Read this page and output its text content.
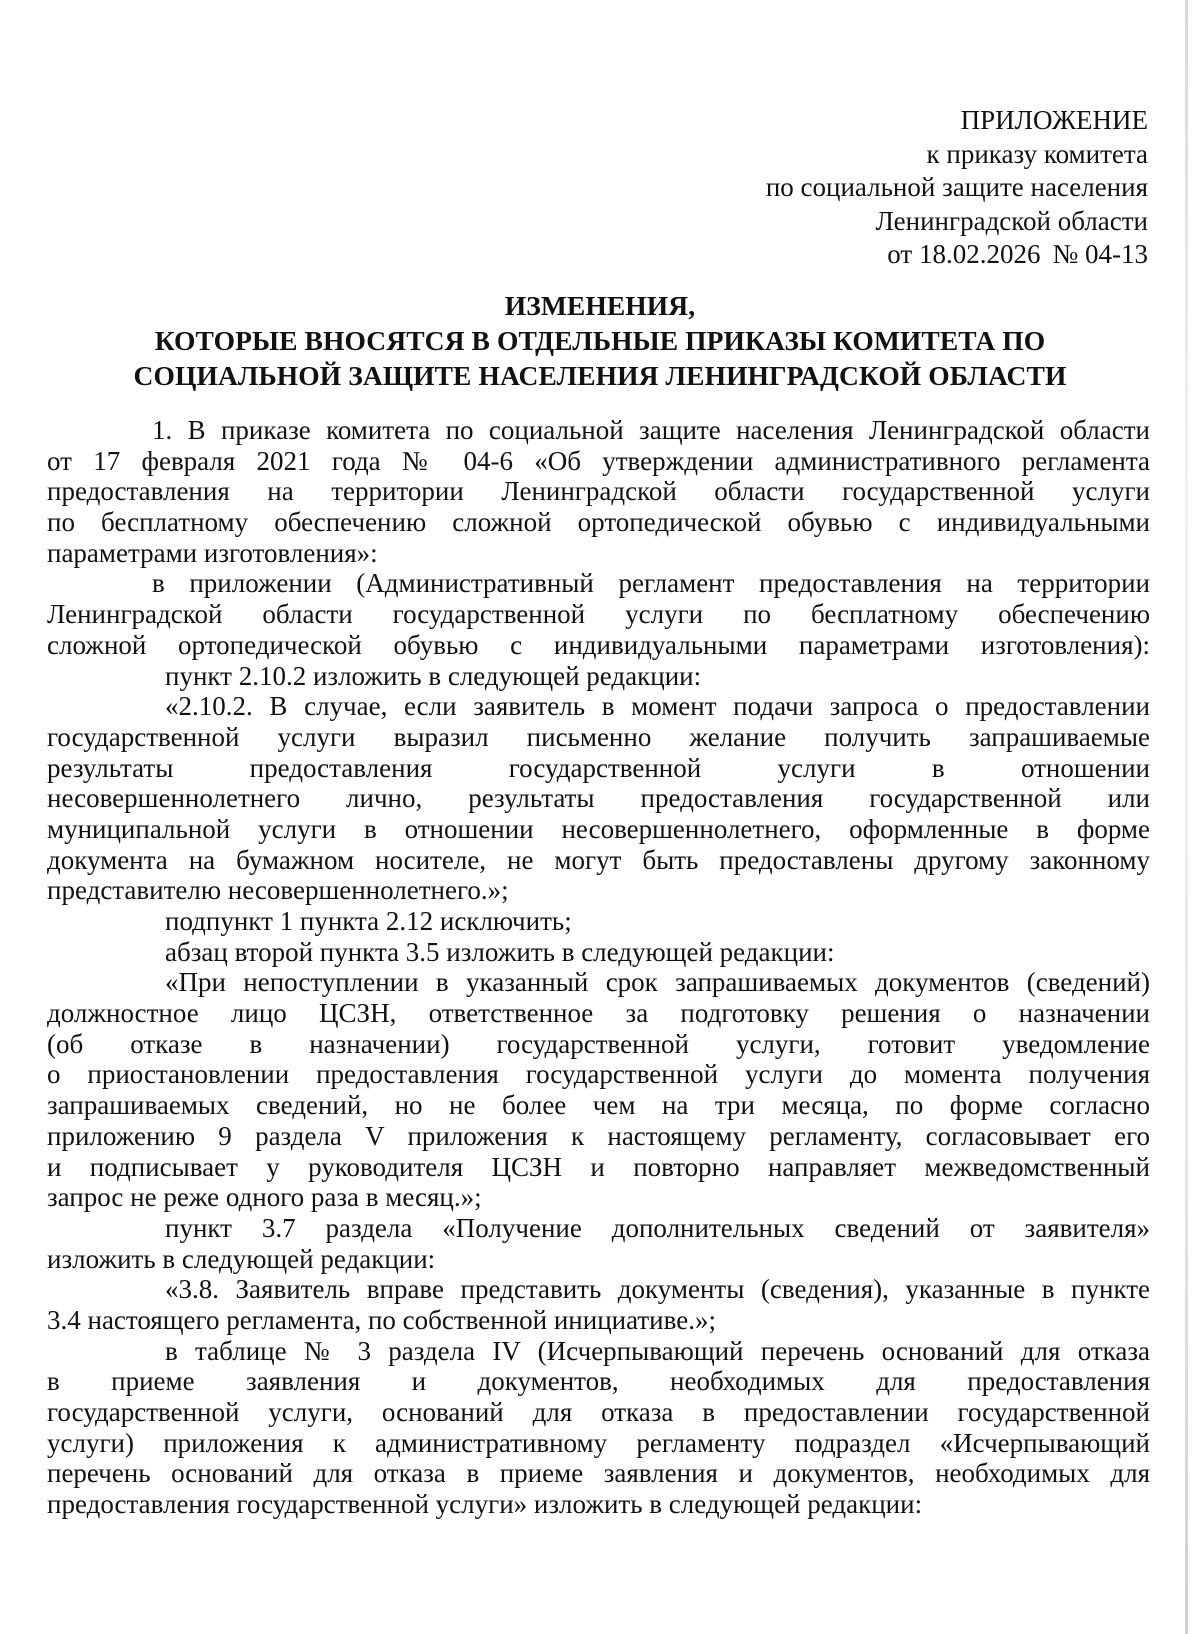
ПРИЛОЖЕНИЕ
к приказу комитета
по социальной защите населения
Ленинградской области
от 18.02.2026 № 04-13
ИЗМЕНЕНИЯ,
КОТОРЫЕ ВНОСЯТСЯ В ОТДЕЛЬНЫЕ ПРИКАЗЫ КОМИТЕТА ПО
СОЦИАЛЬНОЙ ЗАЩИТЕ НАСЕЛЕНИЯ ЛЕНИНГРАДСКОЙ ОБЛАСТИ
1. В приказе комитета по социальной защите населения Ленинградской области
от 17 февраля 2021 года № 04-6 «Об утверждении административного регламента
предоставления на территории Ленинградской области государственной услуги
по бесплатному обеспечению сложной ортопедической обувью с индивидуальными
параметрами изготовления»:
в приложении (Административный регламент предоставления на территории
Ленинградской области государственной услуги по бесплатному обеспечению
сложной ортопедической обувью с индивидуальными параметрами изготовления):
пункт 2.10.2 изложить в следующей редакции:
«2.10.2. В случае, если заявитель в момент подачи запроса о предоставлении
государственной услуги выразил письменно желание получить запрашиваемые
результаты предоставления государственной услуги в отношении
несовершеннолетнего лично, результаты предоставления государственной или
муниципальной услуги в отношении несовершеннолетнего, оформленные в форме
документа на бумажном носителе, не могут быть предоставлены другому законному
представителю несовершеннолетнего.»;
подпункт 1 пункта 2.12 исключить;
абзац второй пункта 3.5 изложить в следующей редакции:
«При непоступлении в указанный срок запрашиваемых документов (сведений)
должностное лицо ЦСЗН, ответственное за подготовку решения о назначении
(об отказе в назначении) государственной услуги, готовит уведомление
о приостановлении предоставления государственной услуги до момента получения
запрашиваемых сведений, но не более чем на три месяца, по форме согласно
приложению 9 раздела V приложения к настоящему регламенту, согласовывает его
и подписывает у руководителя ЦСЗН и повторно направляет межведомственный
запрос не реже одного раза в месяц.»;
пункт 3.7 раздела «Получение дополнительных сведений от заявителя»
изложить в следующей редакции:
«3.8. Заявитель вправе представить документы (сведения), указанные в пункте
3.4 настоящего регламента, по собственной инициативе.»;
в таблице № 3 раздела IV (Исчерпывающий перечень оснований для отказа
в приеме заявления и документов, необходимых для предоставления
государственной услуги, оснований для отказа в предоставлении государственной
услуги) приложения к административному регламенту подраздел «Исчерпывающий
перечень оснований для отказа в приеме заявления и документов, необходимых для
предоставления государственной услуги» изложить в следующей редакции:
